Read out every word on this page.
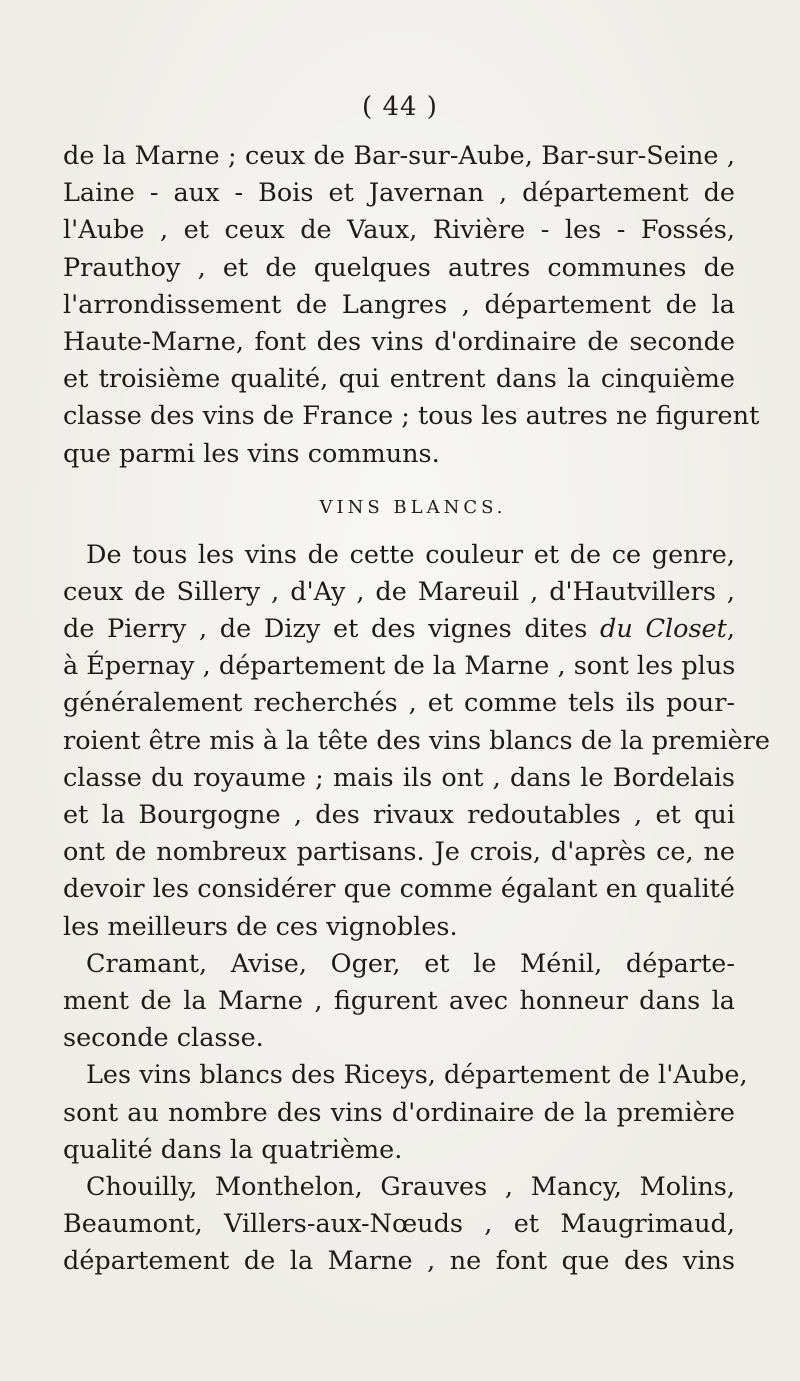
( 44 )
de la Marne ; ceux de Bar-sur-Aube, Bar-sur-Seine ,
Laine - aux - Bois et Javernan , département de
l'Aube , et ceux de Vaux, Rivière - les - Fossés,
Prauthoy , et de quelques autres communes de
l'arrondissement de Langres , département de la
Haute-Marne, font des vins d'ordinaire de seconde
et troisième qualité, qui entrent dans la cinquième
classe des vins de France ; tous les autres ne figurent
que parmi les vins communs.
VINS BLANCS.
De tous les vins de cette couleur et de ce genre,
ceux de Sillery , d'Ay , de Mareuil , d'Hautvillers ,
de Pierry , de Dizy et des vignes dites du Closet,
à Épernay , département de la Marne , sont les plus
généralement recherchés , et comme tels ils pour-
roient être mis à la tête des vins blancs de la première
classe du royaume ; mais ils ont , dans le Bordelais
et la Bourgogne , des rivaux redoutables , et qui
ont de nombreux partisans. Je crois, d'après ce, ne
devoir les considérer que comme égalant en qualité
les meilleurs de ces vignobles.
Cramant, Avise, Oger, et le Ménil, départe-
ment de la Marne , figurent avec honneur dans la
seconde classe.
Les vins blancs des Riceys, département de l'Aube,
sont au nombre des vins d'ordinaire de la première
qualité dans la quatrième.
Chouilly, Monthelon, Grauves , Mancy, Molins,
Beaumont, Villers-aux-Nœuds , et Maugrimaud,
département de la Marne , ne font que des vins
